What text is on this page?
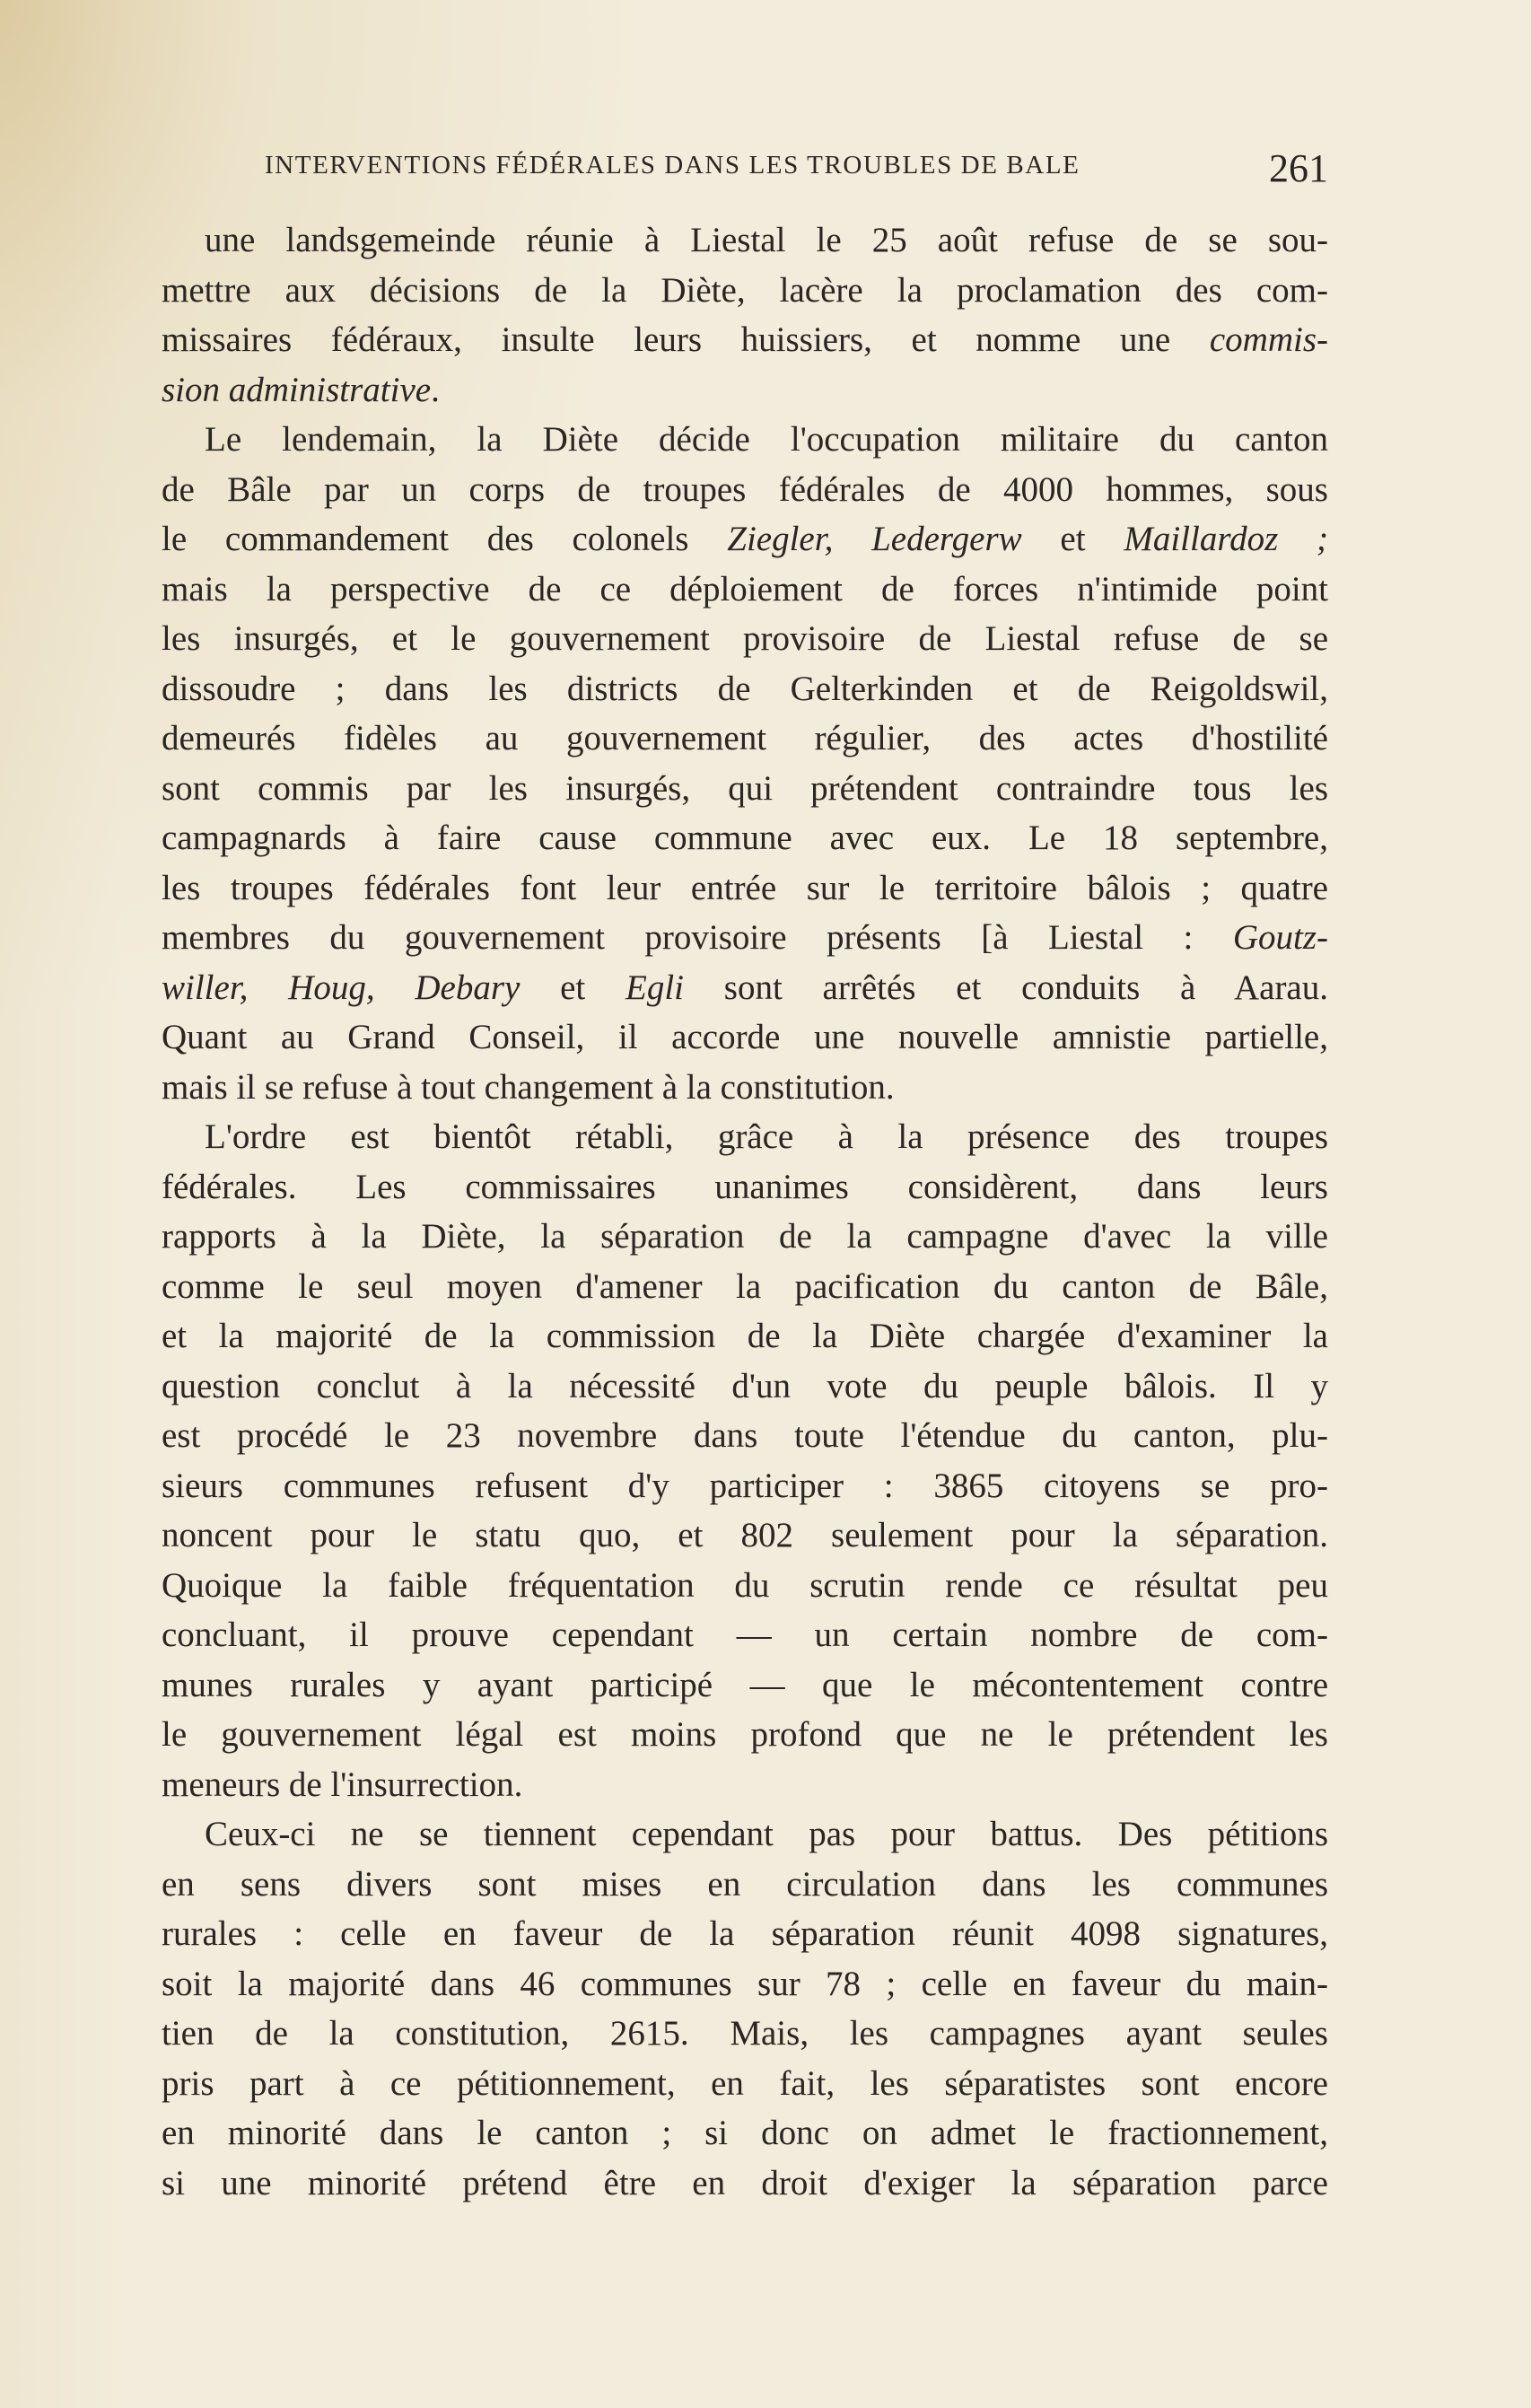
INTERVENTIONS FÉDÉRALES DANS LES TROUBLES DE BALE	261
une landsgemeinde réunie à Liestal le 25 août refuse de se sou-
mettre aux décisions de la Diète, lacère la proclamation des com-
missaires fédéraux, insulte leurs huissiers, et nomme une commis-
sion administrative.
Le lendemain, la Diète décide l'occupation militaire du canton
de Bâle par un corps de troupes fédérales de 4000 hommes, sous
le commandement des colonels Ziegler, Ledergerw et Maillardoz ;
mais la perspective de ce déploiement de forces n'intimide point
les insurgés, et le gouvernement provisoire de Liestal refuse de se
dissoudre ; dans les districts de Gelterkinden et de Reigoldswil,
demeurés fidèles au gouvernement régulier, des actes d'hostilité
sont commis par les insurgés, qui prétendent contraindre tous les
campagnards à faire cause commune avec eux. Le 18 septembre,
les troupes fédérales font leur entrée sur le territoire bâlois ; quatre
membres du gouvernement provisoire présents [à Liestal : Goutz-
willer, Houg, Debary et Egli sont arrêtés et conduits à Aarau.
Quant au Grand Conseil, il accorde une nouvelle amnistie partielle,
mais il se refuse à tout changement à la constitution.
L'ordre est bientôt rétabli, grâce à la présence des troupes
fédérales. Les commissaires unanimes considèrent, dans leurs
rapports à la Diète, la séparation de la campagne d'avec la ville
comme le seul moyen d'amener la pacification du canton de Bâle,
et la majorité de la commission de la Diète chargée d'examiner la
question conclut à la nécessité d'un vote du peuple bâlois. Il y
est procédé le 23 novembre dans toute l'étendue du canton, plu-
sieurs communes refusent d'y participer : 3865 citoyens se pro-
noncent pour le statu quo, et 802 seulement pour la séparation.
Quoique la faible fréquentation du scrutin rende ce résultat peu
concluant, il prouve cependant — un certain nombre de com-
munes rurales y ayant participé — que le mécontentement contre
le gouvernement légal est moins profond que ne le prétendent les
meneurs de l'insurrection.
Ceux-ci ne se tiennent cependant pas pour battus. Des pétitions
en sens divers sont mises en circulation dans les communes
rurales : celle en faveur de la séparation réunit 4098 signatures,
soit la majorité dans 46 communes sur 78 ; celle en faveur du main-
tien de la constitution, 2615. Mais, les campagnes ayant seules
pris part à ce pétitionnement, en fait, les séparatistes sont encore
en minorité dans le canton ; si donc on admet le fractionnement,
si une minorité prétend être en droit d'exiger la séparation parce
